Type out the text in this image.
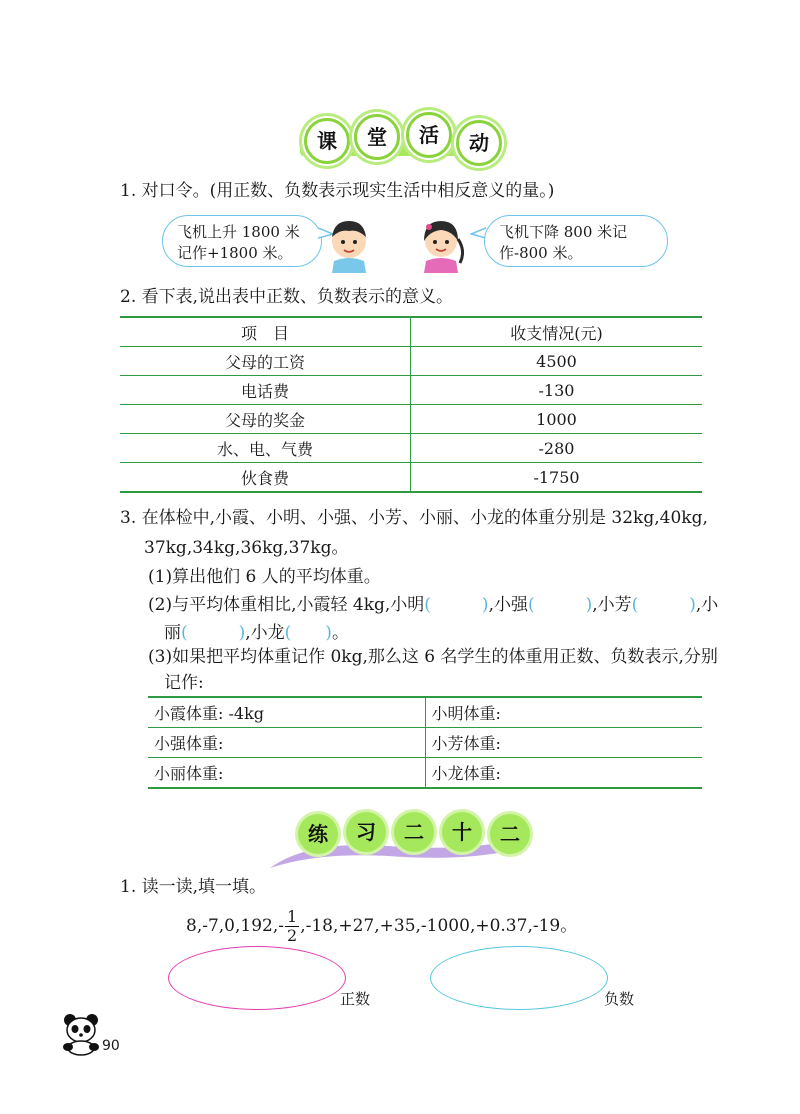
课	堂	活	动
1. 对口令。(用正数、负数表示现实生活中相反意义的量。)
飞机上升 1800 米
记作+1800 米。
飞机下降 800 米记
作-800 米。
2. 看下表,说出表中正数、负数表示的意义。
项　目	收支情况(元)
父母的工资	4500
电话费	-130
父母的奖金	1000
水、电、气费	-280
伙食费	-1750
3. 在体检中,小霞、小明、小强、小芳、小丽、小龙的体重分别是 32kg,40kg,
37kg,34kg,36kg,37kg。
(1)算出他们 6 人的平均体重。
(2)与平均体重相比,小霞轻 4kg,小明(　　　),小强(　　　),小芳(　　　),小
丽(　　　),小龙(　　)。
(3)如果把平均体重记作 0kg,那么这 6 名学生的体重用正数、负数表示,分别
记作:
小霞体重: -4kg	小明体重:
小强体重:	小芳体重:
小丽体重:	小龙体重:
练	习	二	十	二
1. 读一读,填一填。
$8,-7,0,192,- \frac{1}{2} ,-18,+27,+35,-1000,+0.37,-19$。
正数	负数
90
